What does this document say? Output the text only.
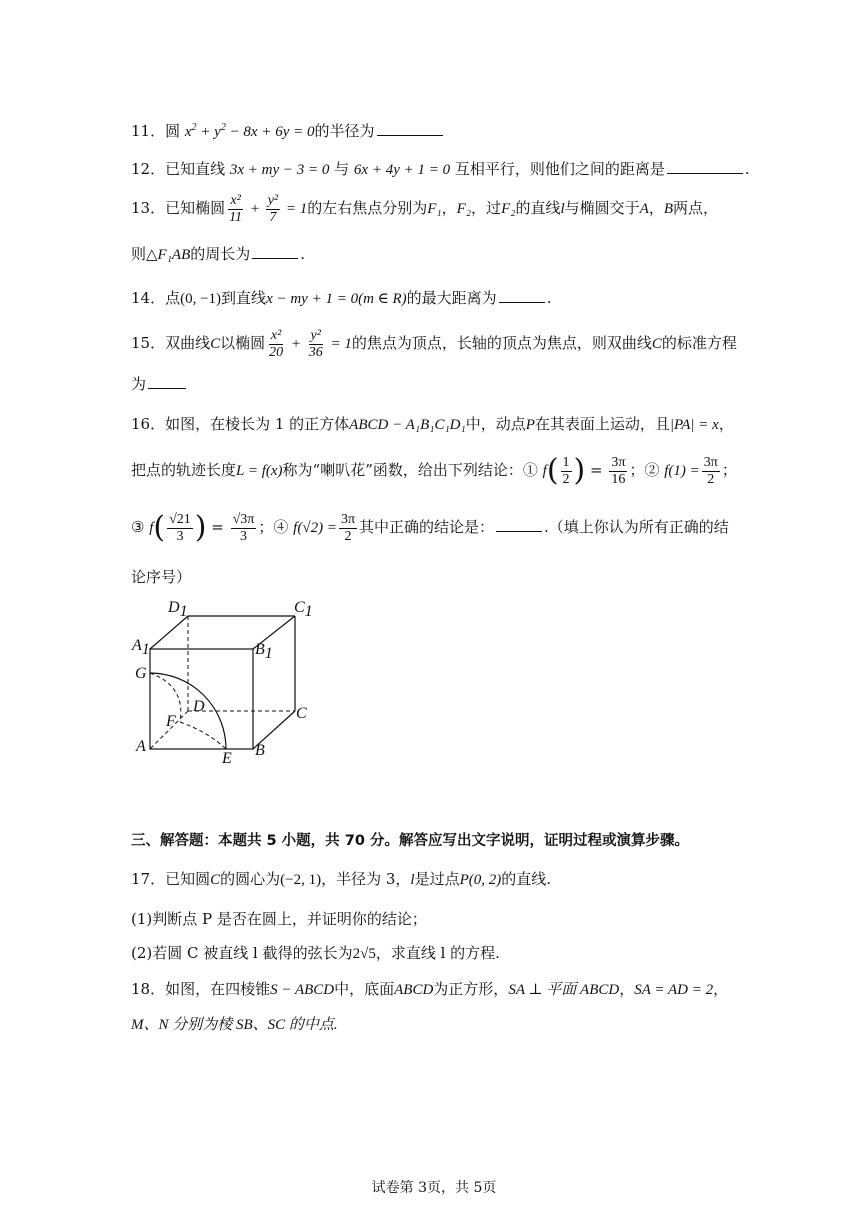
11．圆 $x^2 + y^2 - 8x + 6y = 0$的半径为
12．已知直线 3x + my − 3 = 0 与 6x + 4y + 1 = 0 互相平行，则他们之间的距离是	.
13．已知椭圆 $\frac{\text{x²}}{11} + \frac{\text{y²}}{7} = 1$的左右焦点分别为F₁，F₂，过F₂的直线l与椭圆交于A，B两点，
则△F₁AB的周长为	.
14．点(0, −1)到直线x − my + 1 = 0(m ∈ R)的最大距离为	.
15．双曲线C以椭圆 $\frac{\text{x²}}{20} + \frac{\text{y²}}{36} = 1$的焦点为顶点，长轴的顶点为焦点，则双曲线C的标准方程
为
16．如图，在棱长为 1 的正方体ABCD − A₁B₁C₁D₁中，动点P在其表面上运动，且|PA| = x，
把点的轨迹长度L = f(x)称为“喇叭花”函数，给出下列结论：① $f( \frac{1}{2}$ ) = $\frac{3\pi}{16}$ ；② $f(1) = \frac{3\pi}{2}$ ；
③ $f( \frac{√21}{3}$ ) = $\frac{√3\pi}{3}$ ；④ $f(√2) = \frac{3\pi}{2}$ 其中正确的结论是：	.（填上你认为所有正确的结
论序号）
D1	C1
A1	B1
G
D	C
F
A
E B
三、解答题：本题共 5 小题，共 70 分。解答应写出文字说明，证明过程或演算步骤。
17．已知圆C的圆心为(−2, 1)，半径为 3，l是过点P(0, 2)的直线.
(1)判断点 P 是否在圆上，并证明你的结论；
(2)若圆 C 被直线 l 截得的弦长为2√5，求直线 l 的方程.
18．如图，在四棱锥S − ABCD中，底面ABCD为正方形，SA ⊥ 平面 ABCD，SA = AD = 2，
M、N 分别为棱 SB、SC 的中点.
试卷第 3页，共 5页
